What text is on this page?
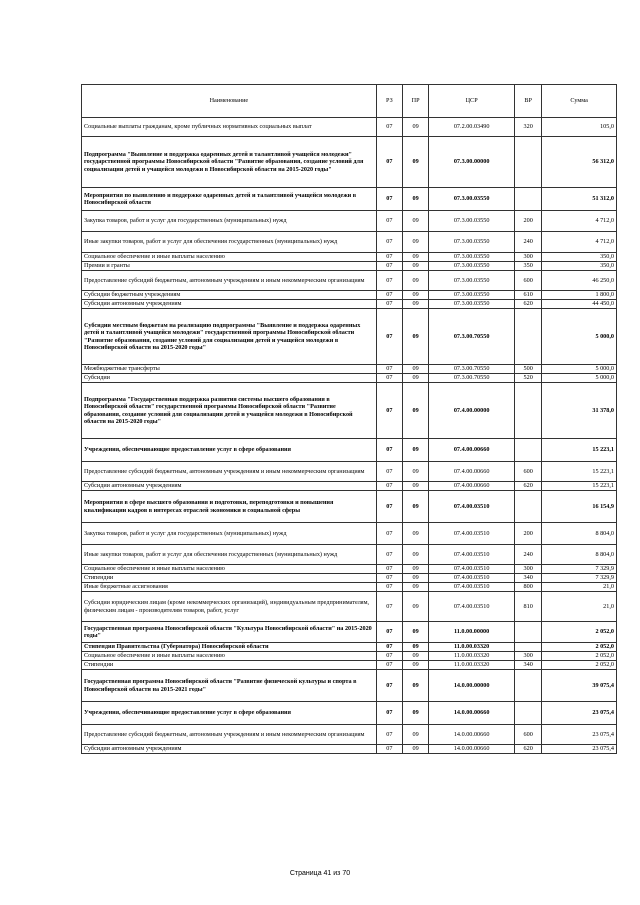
Наименование	РЗ	ПР	ЦСР	ВР	Сумма
Социальные выплаты гражданам, кроме публичных нормативных социальных выплат	07	09	07.2.00.03490	320	105,0
Подпрограмма "Выявление и поддержка одаренных детей и талантливой учащейся молодежи" государственной программы Новосибирской области "Развитие образования, создание условий для социализации детей и учащейся молодежи в Новосибирской области на 2015-2020 годы"	07	09	07.3.00.00000		56 312,0
Мероприятия по выявлению и поддержке одаренных детей и талантливой учащейся молодежи в Новосибирской области	07	09	07.3.00.03550		51 312,0
Закупка товаров, работ и услуг для государственных (муниципальных) нужд	07	09	07.3.00.03550	200	4 712,0
Иные закупки товаров, работ и услуг для обеспечения государственных (муниципальных) нужд	07	09	07.3.00.03550	240	4 712,0
Социальное обеспечение и иные выплаты населению	07	09	07.3.00.03550	300	350,0
Премии и гранты	07	09	07.3.00.03550	350	350,0
Предоставление субсидий бюджетным, автономным учреждениям и иным некоммерческим организациям	07	09	07.3.00.03550	600	46 250,0
Субсидии бюджетным учреждениям	07	09	07.3.00.03550	610	1 800,0
Субсидии автономным учреждениям	07	09	07.3.00.03550	620	44 450,0
Субсидии местным бюджетам на реализацию подпрограммы "Выявление и поддержка одаренных детей и талантливой учащейся молодежи" государственной программы Новосибирской области "Развитие образования, создание условий для социализации детей и учащейся молодежи в Новосибирской области на 2015-2020 годы"	07	09	07.3.00.70550		5 000,0
Межбюджетные трансферты	07	09	07.3.00.70550	500	5 000,0
Субсидии	07	09	07.3.00.70550	520	5 000,0
Подпрограмма "Государственная поддержка развития системы высшего образования в Новосибирской области" государственной программы Новосибирской области "Развитие образования, создание условий для социализации детей и учащейся молодежи в Новосибирской области на 2015-2020 годы"	07	09	07.4.00.00000		31 378,0
Учреждения, обеспечивающие предоставление услуг в сфере образования	07	09	07.4.00.00660		15 223,1
Предоставление субсидий бюджетным, автономным учреждениям и иным некоммерческим организациям	07	09	07.4.00.00660	600	15 223,1
Субсидии автономным учреждениям	07	09	07.4.00.00660	620	15 223,1
Мероприятия в сфере высшего образования и подготовки, переподготовки и повышения квалификации кадров в интересах отраслей экономики и социальной сферы	07	09	07.4.00.03510		16 154,9
Закупка товаров, работ и услуг для государственных (муниципальных) нужд	07	09	07.4.00.03510	200	8 804,0
Иные закупки товаров, работ и услуг для обеспечения государственных (муниципальных) нужд	07	09	07.4.00.03510	240	8 804,0
Социальное обеспечение и иные выплаты населению	07	09	07.4.00.03510	300	7 329,9
Стипендии	07	09	07.4.00.03510	340	7 329,9
Иные бюджетные ассигнования	07	09	07.4.00.03510	800	21,0
Субсидии юридическим лицам (кроме некоммерческих организаций), индивидуальным предпринимателям, физическим лицам - производителям товаров, работ, услуг	07	09	07.4.00.03510	810	21,0
Государственная программа Новосибирской области "Культура Новосибирской области" на 2015-2020 годы"	07	09	11.0.00.00000		2 052,0
Стипендия Правительства (Губернатора) Новосибирской области	07	09	11.0.00.03320		2 052,0
Социальное обеспечение и иные выплаты населению	07	09	11.0.00.03320	300	2 052,0
Стипендии	07	09	11.0.00.03320	340	2 052,0
Государственная программа Новосибирской области "Развитие физической культуры и спорта в Новосибирской области на 2015-2021 годы"	07	09	14.0.00.00000		39 075,4
Учреждения, обеспечивающие предоставление услуг в сфере образования	07	09	14.0.00.00660		23 075,4
Предоставление субсидий бюджетным, автономным учреждениям и иным некоммерческим организациям	07	09	14.0.00.00660	600	23 075,4
Субсидии автономным учреждениям	07	09	14.0.00.00660	620	23 075,4
Страница 41 из 70
